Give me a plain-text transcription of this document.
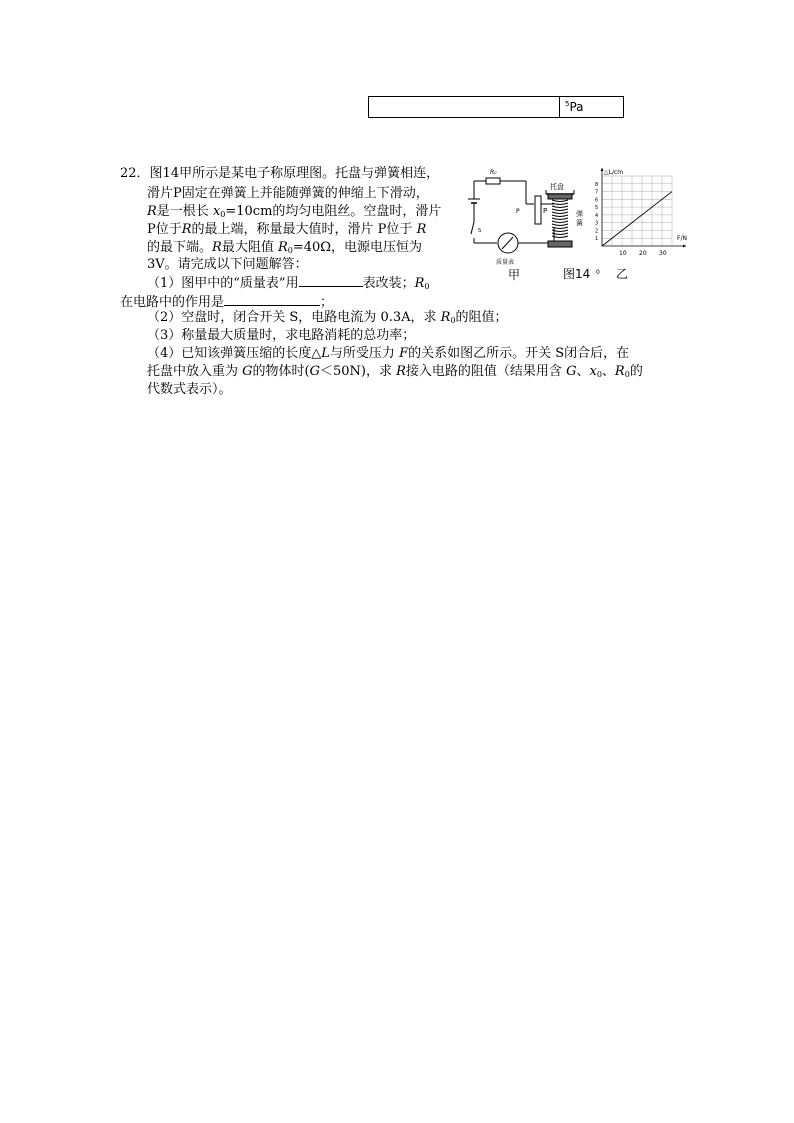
$^5$Pa
22．图14甲所示是某电子称原理图。托盘与弹簧相连，
滑片P固定在弹簧上并能随弹簧的伸缩上下滑动，
R是一根长 $x_0=10cm$的均匀电阻丝。空盘时，滑片
P位于R的最上端，称量最大值时，滑片 P位于 R
的最下端。R最大阻值 $R_0=40\Omega$，电源电压恒为
3V。请完成以下问题解答：
（1）图甲中的“质量表”用	表改装；$R_0$
在电路中的作用是	；
（2）空盘时，闭合开关 S，电路电流为 0.3A，求 $R_0$的阻值；
（3）称量最大质量时，求电路消耗的总功率；
（4）已知该弹簧压缩的长度△L与所受压力 F的关系如图乙所示。开关 S闭合后，在
托盘中放入重为 G的物体时(G＜50N)，求 R接入电路的阻值（结果用含 G、$x_0$、$R_0$的
代数式表示）。
R₀
P	P
托盘
弹
簧
S
质量表
甲	图14 0
△L/cm
F/N
乙
10 20 30
1
2
3
4
5
6
7
8
